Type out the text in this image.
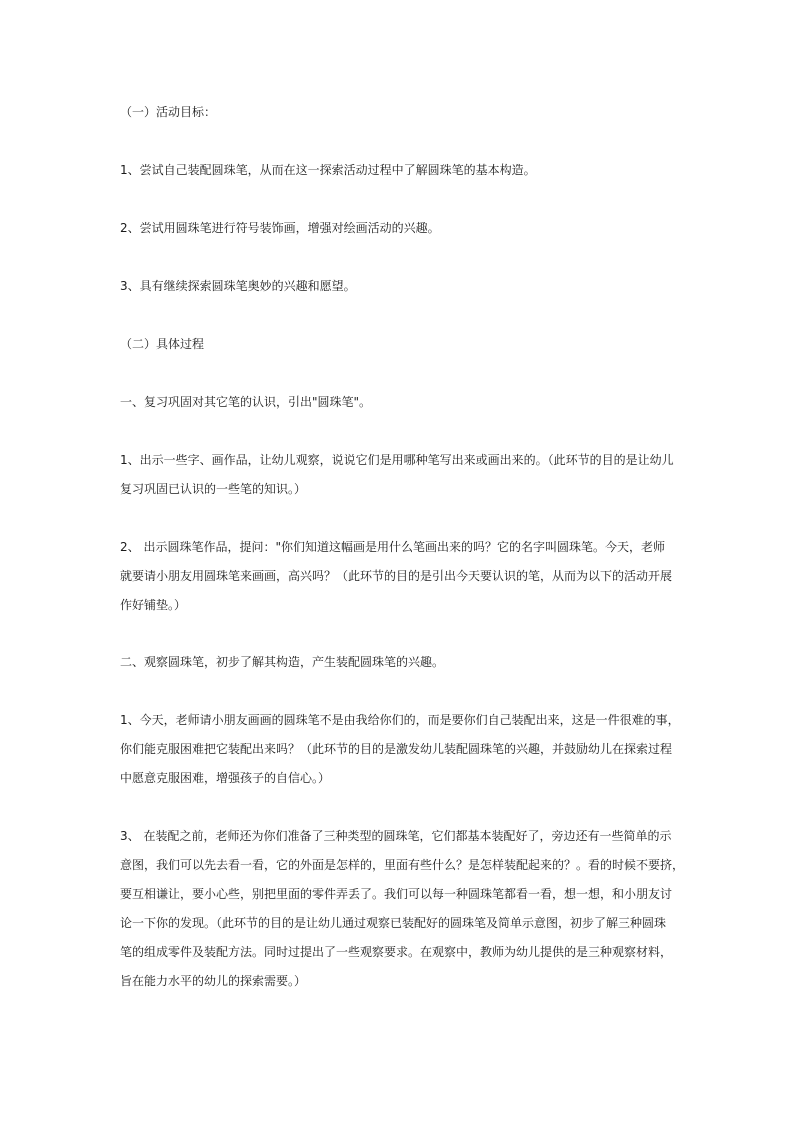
（一）活动目标：

1、尝试自己装配圆珠笔，从而在这一探索活动过程中了解圆珠笔的基本构造。

2、尝试用圆珠笔进行符号装饰画，增强对绘画活动的兴趣。

3、具有继续探索圆珠笔奥妙的兴趣和愿望。

（二）具体过程

一、复习巩固对其它笔的认识，引出"圆珠笔"。

1、出示一些字、画作品，让幼儿观察，说说它们是用哪种笔写出来或画出来的。（此环节的目的是让幼儿
复习巩固已认识的一些笔的知识。）

2、 出示圆珠笔作品，提问："你们知道这幅画是用什么笔画出来的吗？它的名字叫圆珠笔。今天，老师
就要请小朋友用圆珠笔来画画，高兴吗？（此环节的目的是引出今天要认识的笔，从而为以下的活动开展
作好铺垫。）

二、观察圆珠笔，初步了解其构造，产生装配圆珠笔的兴趣。

1、今天，老师请小朋友画画的圆珠笔不是由我给你们的，而是要你们自己装配出来，这是一件很难的事，
你们能克服困难把它装配出来吗？（此环节的目的是激发幼儿装配圆珠笔的兴趣，并鼓励幼儿在探索过程
中愿意克服困难，增强孩子的自信心。）

3、 在装配之前，老师还为你们准备了三种类型的圆珠笔，它们都基本装配好了，旁边还有一些简单的示
意图，我们可以先去看一看，它的外面是怎样的，里面有些什么？是怎样装配起来的？。看的时候不要挤，
要互相谦让，要小心些，别把里面的零件弄丢了。我们可以每一种圆珠笔都看一看，想一想，和小朋友讨
论一下你的发现。（此环节的目的是让幼儿通过观察已装配好的圆珠笔及简单示意图，初步了解三种圆珠
笔的组成零件及装配方法。同时过提出了一些观察要求。在观察中，教师为幼儿提供的是三种观察材料，
旨在能力水平的幼儿的探索需要。）
